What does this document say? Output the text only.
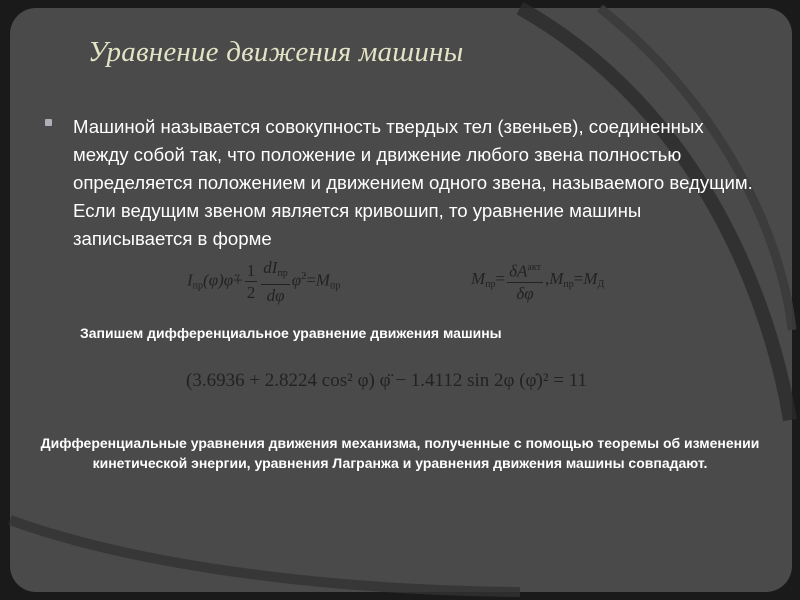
Уравнение движения машины

Машиной называется совокупность твердых тел (звеньев), соединенных между собой так, что положение и движение любого звена полностью определяется положением и движением одного звена, называемого ведущим. Если ведущим звеном является кривошип, то уравнение машины записывается в форме

$I_{пр}(\varphi)\varphï+ \frac{1}{2} \frac{dI_{пр}}{d\varphi}$ $\varphi̇^2=M_{пр}$	$M_{пр}= \frac{\delta A^{акт}}{\delta\varphi} ,M_{пр}=M_Д$

Запишем дифференциальное уравнение движения машины

(3.6936 + 2.8224 cos² φ) φ̈ − 1.4112 sin 2φ (φ̇)² = 11

Дифференциальные уравнения движения механизма, полученные с помощью теоремы об изменении кинетической энергии, уравнения Лагранжа и уравнения движения машины совпадают.
